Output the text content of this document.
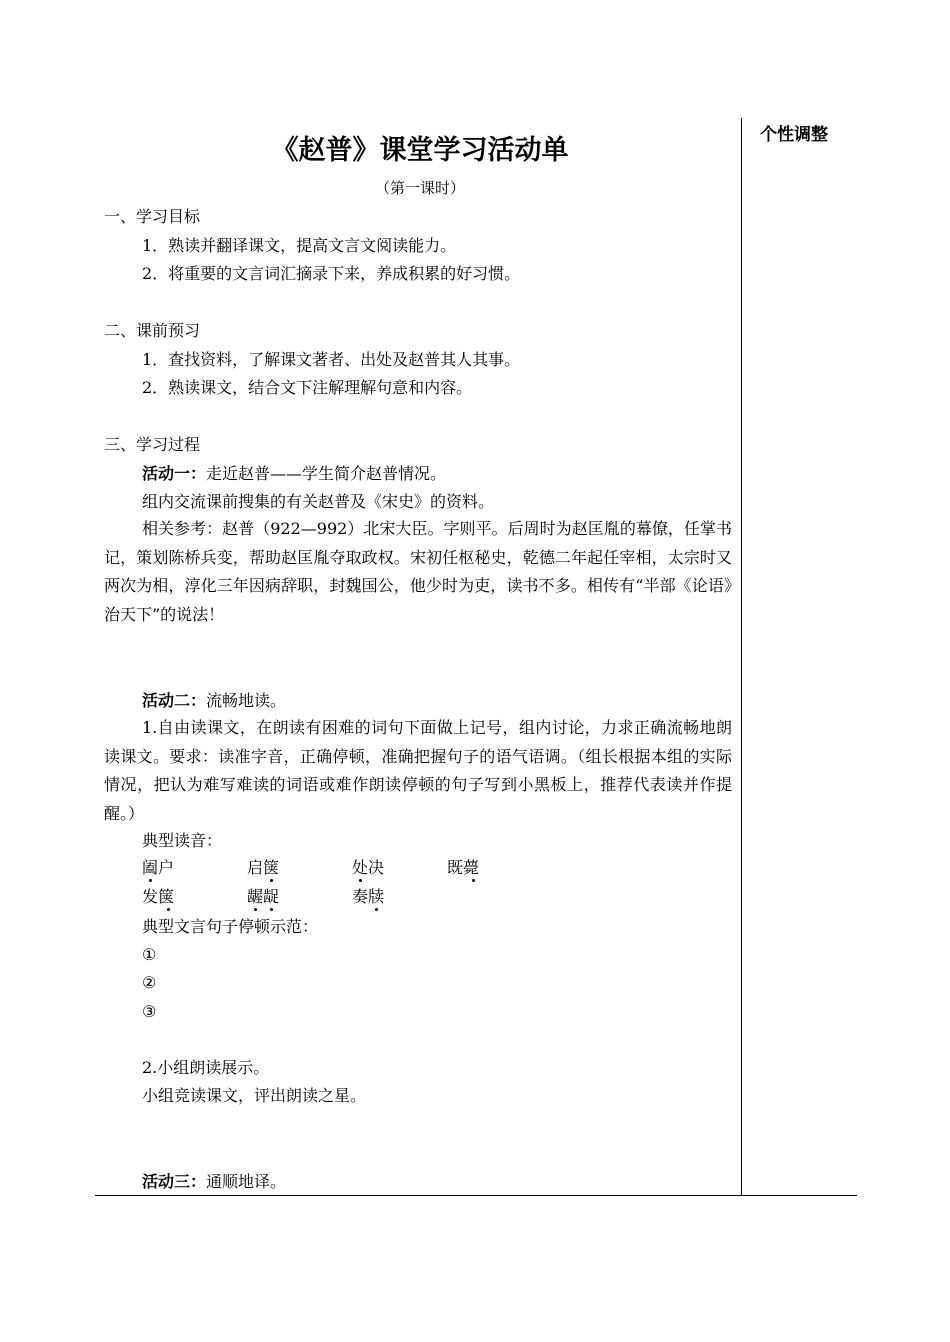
个性调整
《赵普》课堂学习活动单
（第一课时）
一、学习目标
1．熟读并翻译课文，提高文言文阅读能力。
2．将重要的文言词汇摘录下来，养成积累的好习惯。
二、课前预习
1．查找资料，了解课文著者、出处及赵普其人其事。
2．熟读课文，结合文下注解理解句意和内容。
三、学习过程
活动一：走近赵普——学生简介赵普情况。
组内交流课前搜集的有关赵普及《宋史》的资料。
相关参考：赵普（922—992）北宋大臣。字则平。后周时为赵匡胤的幕僚，任掌书记，策划陈桥兵变，帮助赵匡胤夺取政权。宋初任枢秘史，乾德二年起任宰相，太宗时又两次为相，淳化三年因病辞职，封魏国公，他少时为吏，读书不多。相传有“半部《论语》治天下”的说法！
活动二：流畅地读。
1.自由读课文，在朗读有困难的词句下面做上记号，组内讨论，力求正确流畅地朗读课文。要求：读准字音，正确停顿，准确把握句子的语气语调。（组长根据本组的实际情况，把认为难写难读的词语或难作朗读停顿的句子写到小黑板上，推荐代表读并作提醒。）
典型读音：
阖户	启箧	处决	既薨
发箧	龌龊	奏牍
典型文言句子停顿示范：
①
②
③
2.小组朗读展示。
小组竞读课文，评出朗读之星。
活动三：通顺地译。
